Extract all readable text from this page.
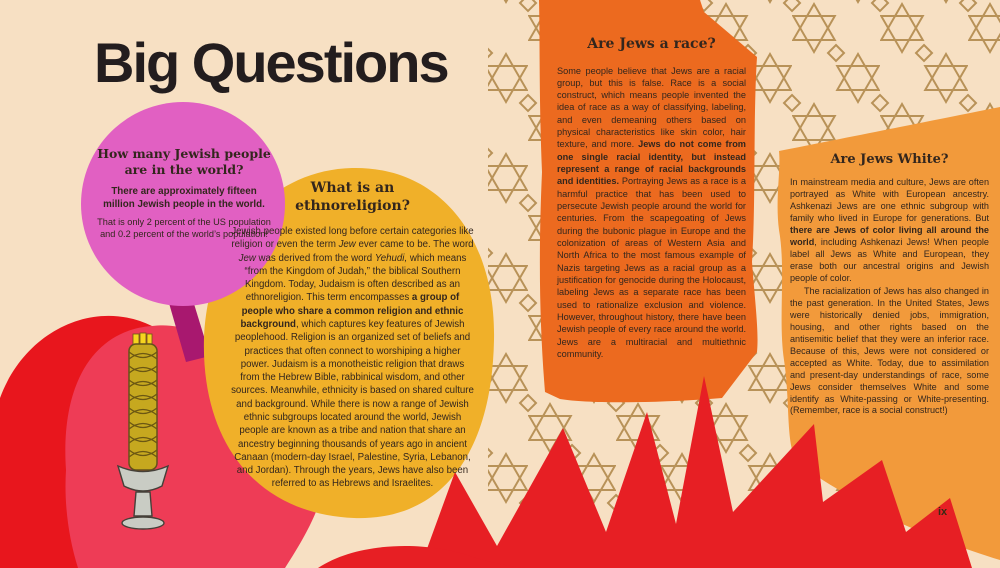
Big Questions
How many Jewish people are in the world?
There are approximately fifteen million Jewish people in the world.
That is only 2 percent of the US population and 0.2 percent of the world’s population!
What is an ethnoreligion?
Jewish people existed long before certain categories like religion or even the term Jew ever came to be. The word Jew was derived from the word Yehudi, which means “from the Kingdom of Judah,” the biblical Southern Kingdom. Today, Judaism is often described as an ethnoreligion. This term encompasses a group of people who share a common religion and ethnic background, which captures key features of Jewish peoplehood. Religion is an organized set of beliefs and practices that often connect to worshiping a higher power. Judaism is a monotheistic religion that draws from the Hebrew Bible, rabbinical wisdom, and other sources. Meanwhile, ethnicity is based on shared culture and background. While there is now a range of Jewish ethnic subgroups located around the world, Jewish people are known as a tribe and nation that share an ancestry beginning thousands of years ago in ancient Canaan (modern-day Israel, Palestine, Syria, Lebanon, and Jordan). Through the years, Jews have also been referred to as Hebrews and Israelites.
Are Jews a race?
Some people believe that Jews are a racial group, but this is false. Race is a social construct, which means people invented the idea of race as a way of classifying, labeling, and even demeaning others based on physical characteristics like skin color, hair texture, and more. Jews do not come from one single racial identity, but instead represent a range of racial backgrounds and identities. Portraying Jews as a race is a harmful practice that has been used to persecute Jewish people around the world for centuries. From the scapegoating of Jews during the bubonic plague in Europe and the colonization of areas of Western Asia and North Africa to the most famous example of Nazis targeting Jews as a racial group as a justification for genocide during the Holocaust, labeling Jews as a separate race has been used to rationalize exclusion and violence. However, throughout history, there have been Jewish people of every race around the world. Jews are a multiracial and multiethnic community.
Are Jews White?
In mainstream media and culture, Jews are often portrayed as White with European ancestry. Ashkenazi Jews are one ethnic subgroup with family who lived in Europe for generations. But there are Jews of color living all around the world, including Ashkenazi Jews! When people label all Jews as White and European, they erase both our ancestral origins and Jewish people of color.
The racialization of Jews has also changed in the past generation. In the United States, Jews were historically denied jobs, immigration, housing, and other rights based on the antisemitic belief that they were an inferior race. Because of this, Jews were not considered or accepted as White. Today, due to assimilation and present-day understandings of race, some Jews consider themselves White and some identify as White-passing or White-presenting. (Remember, race is a social construct!)
ix
